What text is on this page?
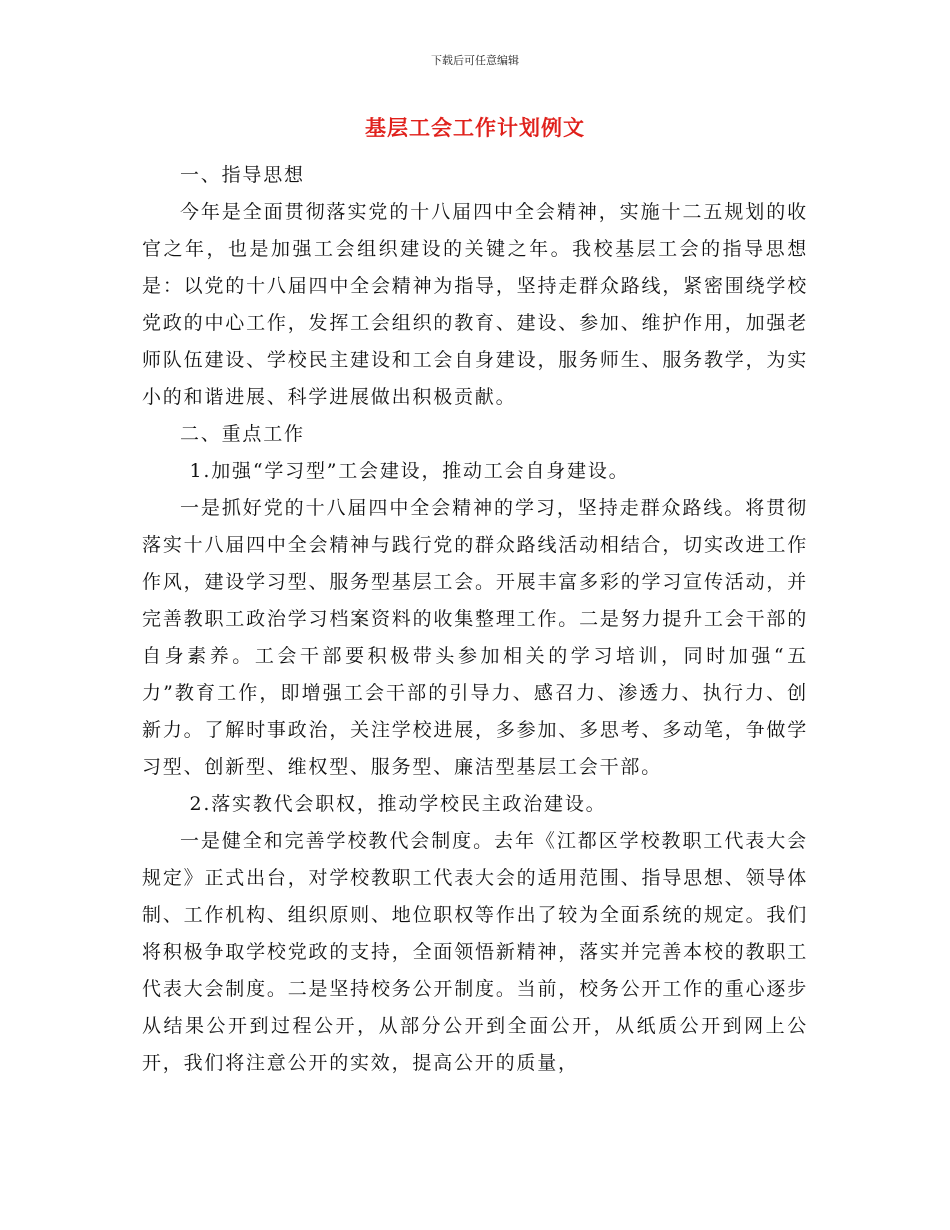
下载后可任意编辑
基层工会工作计划例文

一、指导思想

今年是全面贯彻落实党的十八届四中全会精神，实施十二五规划的收官之年，也是加强工会组织建设的关键之年。我校基层工会的指导思想是：以党的十八届四中全会精神为指导，坚持走群众路线，紧密围绕学校党政的中心工作，发挥工会组织的教育、建设、参加、维护作用，加强老师队伍建设、学校民主建设和工会自身建设，服务师生、服务教学，为实小的和谐进展、科学进展做出积极贡献。

二、重点工作

1.加强“学习型”工会建设，推动工会自身建设。

一是抓好党的十八届四中全会精神的学习，坚持走群众路线。将贯彻落实十八届四中全会精神与践行党的群众路线活动相结合，切实改进工作作风，建设学习型、服务型基层工会。开展丰富多彩的学习宣传活动，并完善教职工政治学习档案资料的收集整理工作。二是努力提升工会干部的自身素养。工会干部要积极带头参加相关的学习培训，同时加强“五力”教育工作，即增强工会干部的引导力、感召力、渗透力、执行力、创新力。了解时事政治，关注学校进展，多参加、多思考、多动笔，争做学习型、创新型、维权型、服务型、廉洁型基层工会干部。

2.落实教代会职权，推动学校民主政治建设。

一是健全和完善学校教代会制度。去年《江都区学校教职工代表大会规定》正式出台，对学校教职工代表大会的适用范围、指导思想、领导体制、工作机构、组织原则、地位职权等作出了较为全面系统的规定。我们将积极争取学校党政的支持，全面领悟新精神，落实并完善本校的教职工代表大会制度。二是坚持校务公开制度。当前，校务公开工作的重心逐步从结果公开到过程公开，从部分公开到全面公开，从纸质公开到网上公开，我们将注意公开的实效，提高公开的质量，
